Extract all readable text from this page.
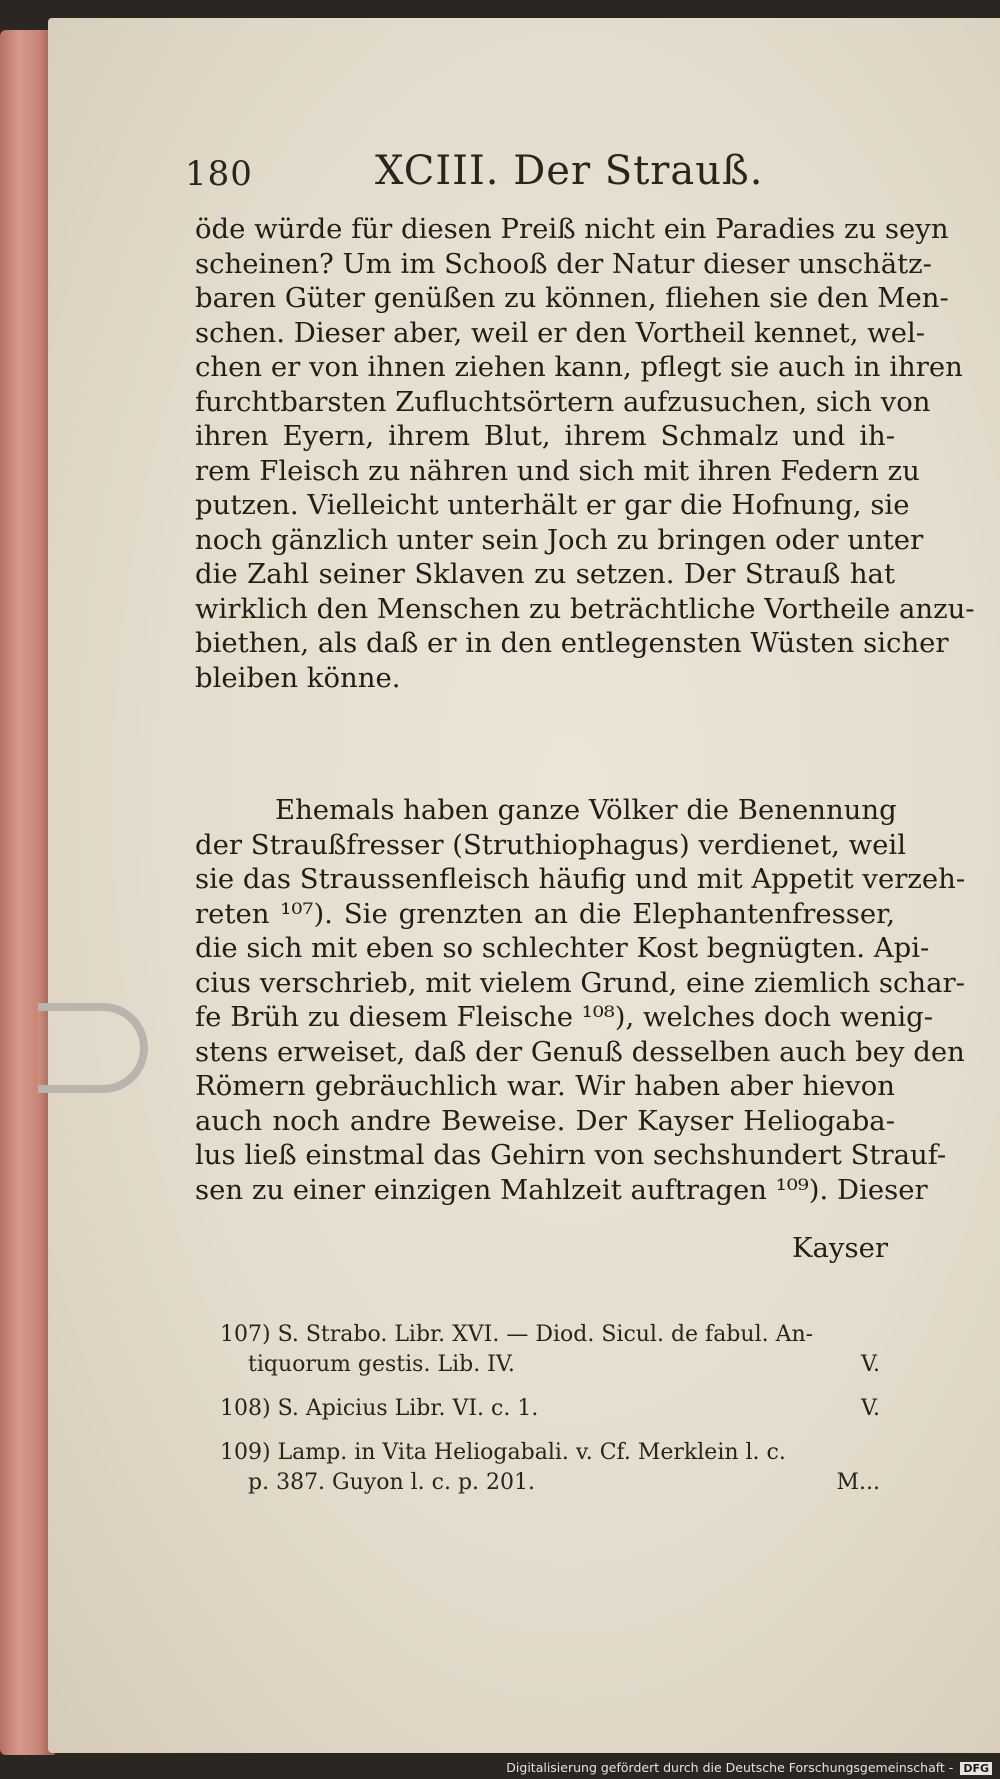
180	XCIII. Der Strauß.

öde würde für diesen Preiß nicht ein Paradies zu seyn
scheinen? Um im Schooß der Natur dieser unschätz-
baren Güter genüßen zu können, fliehen sie den Men-
schen. Dieser aber, weil er den Vortheil kennet, wel-
chen er von ihnen ziehen kann, pflegt sie auch in ihren
furchtbarsten Zufluchtsörtern aufzusuchen, sich von
ihren Eyern, ihrem Blut, ihrem Schmalz und ih-
rem Fleisch zu nähren und sich mit ihren Federn zu
putzen. Vielleicht unterhält er gar die Hofnung, sie
noch gänzlich unter sein Joch zu bringen oder unter
die Zahl seiner Sklaven zu setzen. Der Strauß hat
wirklich den Menschen zu beträchtliche Vortheile anzu-
biethen, als daß er in den entlegensten Wüsten sicher
bleiben könne.

Ehemals haben ganze Völker die Benennung
der Straußfresser (Struthiophagus) verdienet, weil
sie das Straussenfleisch häufig und mit Appetit verzeh-
reten ¹⁰⁷). Sie grenzten an die Elephantenfresser,
die sich mit eben so schlechter Kost begnügten. Api-
cius verschrieb, mit vielem Grund, eine ziemlich schar-
fe Brüh zu diesem Fleische ¹⁰⁸), welches doch wenig-
stens erweiset, daß der Genuß desselben auch bey den
Römern gebräuchlich war. Wir haben aber hievon
auch noch andre Beweise. Der Kayser Heliogaba-
lus ließ einstmal das Gehirn von sechshundert Strauf-
sen zu einer einzigen Mahlzeit auftragen ¹⁰⁹). Dieser

Kayser
107) S. Strabo. Libr. XVI. — Diod. Sicul. de fabul. An-
tiquorum gestis. Lib. IV.	V.
108) S. Apicius Libr. VI. c. 1.	V.
109) Lamp. in Vita Heliogabali. v. Cf. Merklein l. c.
p. 387. Guyon l. c. p. 201.	M...
Digitalisierung gefördert durch die Deutsche Forschungsgemeinschaft - DFG
